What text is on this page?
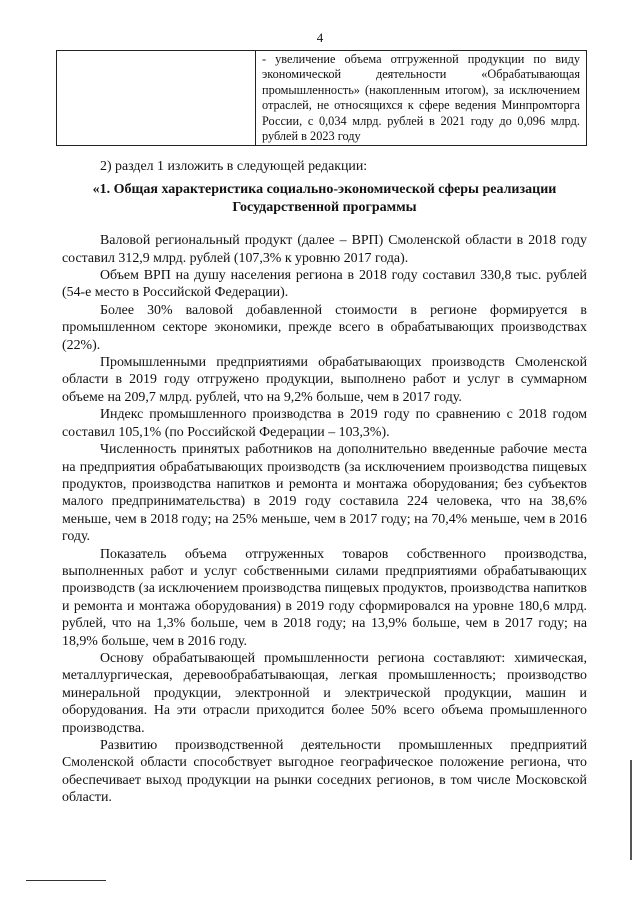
4
- увеличение объема отгруженной продукции по виду экономической деятельности «Обрабатывающая промышленность» (накопленным итогом), за исключением отраслей, не относящихся к сфере ведения Минпромторга России, с 0,034 млрд. рублей в 2021 году до 0,096 млрд. рублей в 2023 году

2) раздел 1 изложить в следующей редакции:

«1. Общая характеристика социально-экономической сферы реализации Государственной программы

Валовой региональный продукт (далее – ВРП) Смоленской области в 2018 году составил 312,9 млрд. рублей (107,3% к уровню 2017 года).

Объем ВРП на душу населения региона в 2018 году составил 330,8 тыс. рублей (54-е место в Российской Федерации).

Более 30% валовой добавленной стоимости в регионе формируется в промышленном секторе экономики, прежде всего в обрабатывающих производствах (22%).

Промышленными предприятиями обрабатывающих производств Смоленской области в 2019 году отгружено продукции, выполнено работ и услуг в суммарном объеме на 209,7 млрд. рублей, что на 9,2% больше, чем в 2017 году.

Индекс промышленного производства в 2019 году по сравнению с 2018 годом составил 105,1% (по Российской Федерации – 103,3%).

Численность принятых работников на дополнительно введенные рабочие места на предприятия обрабатывающих производств (за исключением производства пищевых продуктов, производства напитков и ремонта и монтажа оборудования; без субъектов малого предпринимательства) в 2019 году составила 224 человека, что на 38,6% меньше, чем в 2018 году; на 25% меньше, чем в 2017 году; на 70,4% меньше, чем в 2016 году.

Показатель объема отгруженных товаров собственного производства, выполненных работ и услуг собственными силами предприятиями обрабатывающих производств (за исключением производства пищевых продуктов, производства напитков и ремонта и монтажа оборудования) в 2019 году сформировался на уровне 180,6 млрд. рублей, что на 1,3% больше, чем в 2018 году; на 13,9% больше, чем в 2017 году; на 18,9% больше, чем в 2016 году.

Основу обрабатывающей промышленности региона составляют: химическая, металлургическая, деревообрабатывающая, легкая промышленность; производство минеральной продукции, электронной и электрической продукции, машин и оборудования. На эти отрасли приходится более 50% всего объема промышленного производства.

Развитию производственной деятельности промышленных предприятий Смоленской области способствует выгодное географическое положение региона, что обеспечивает выход продукции на рынки соседних регионов, в том числе Московской области.
